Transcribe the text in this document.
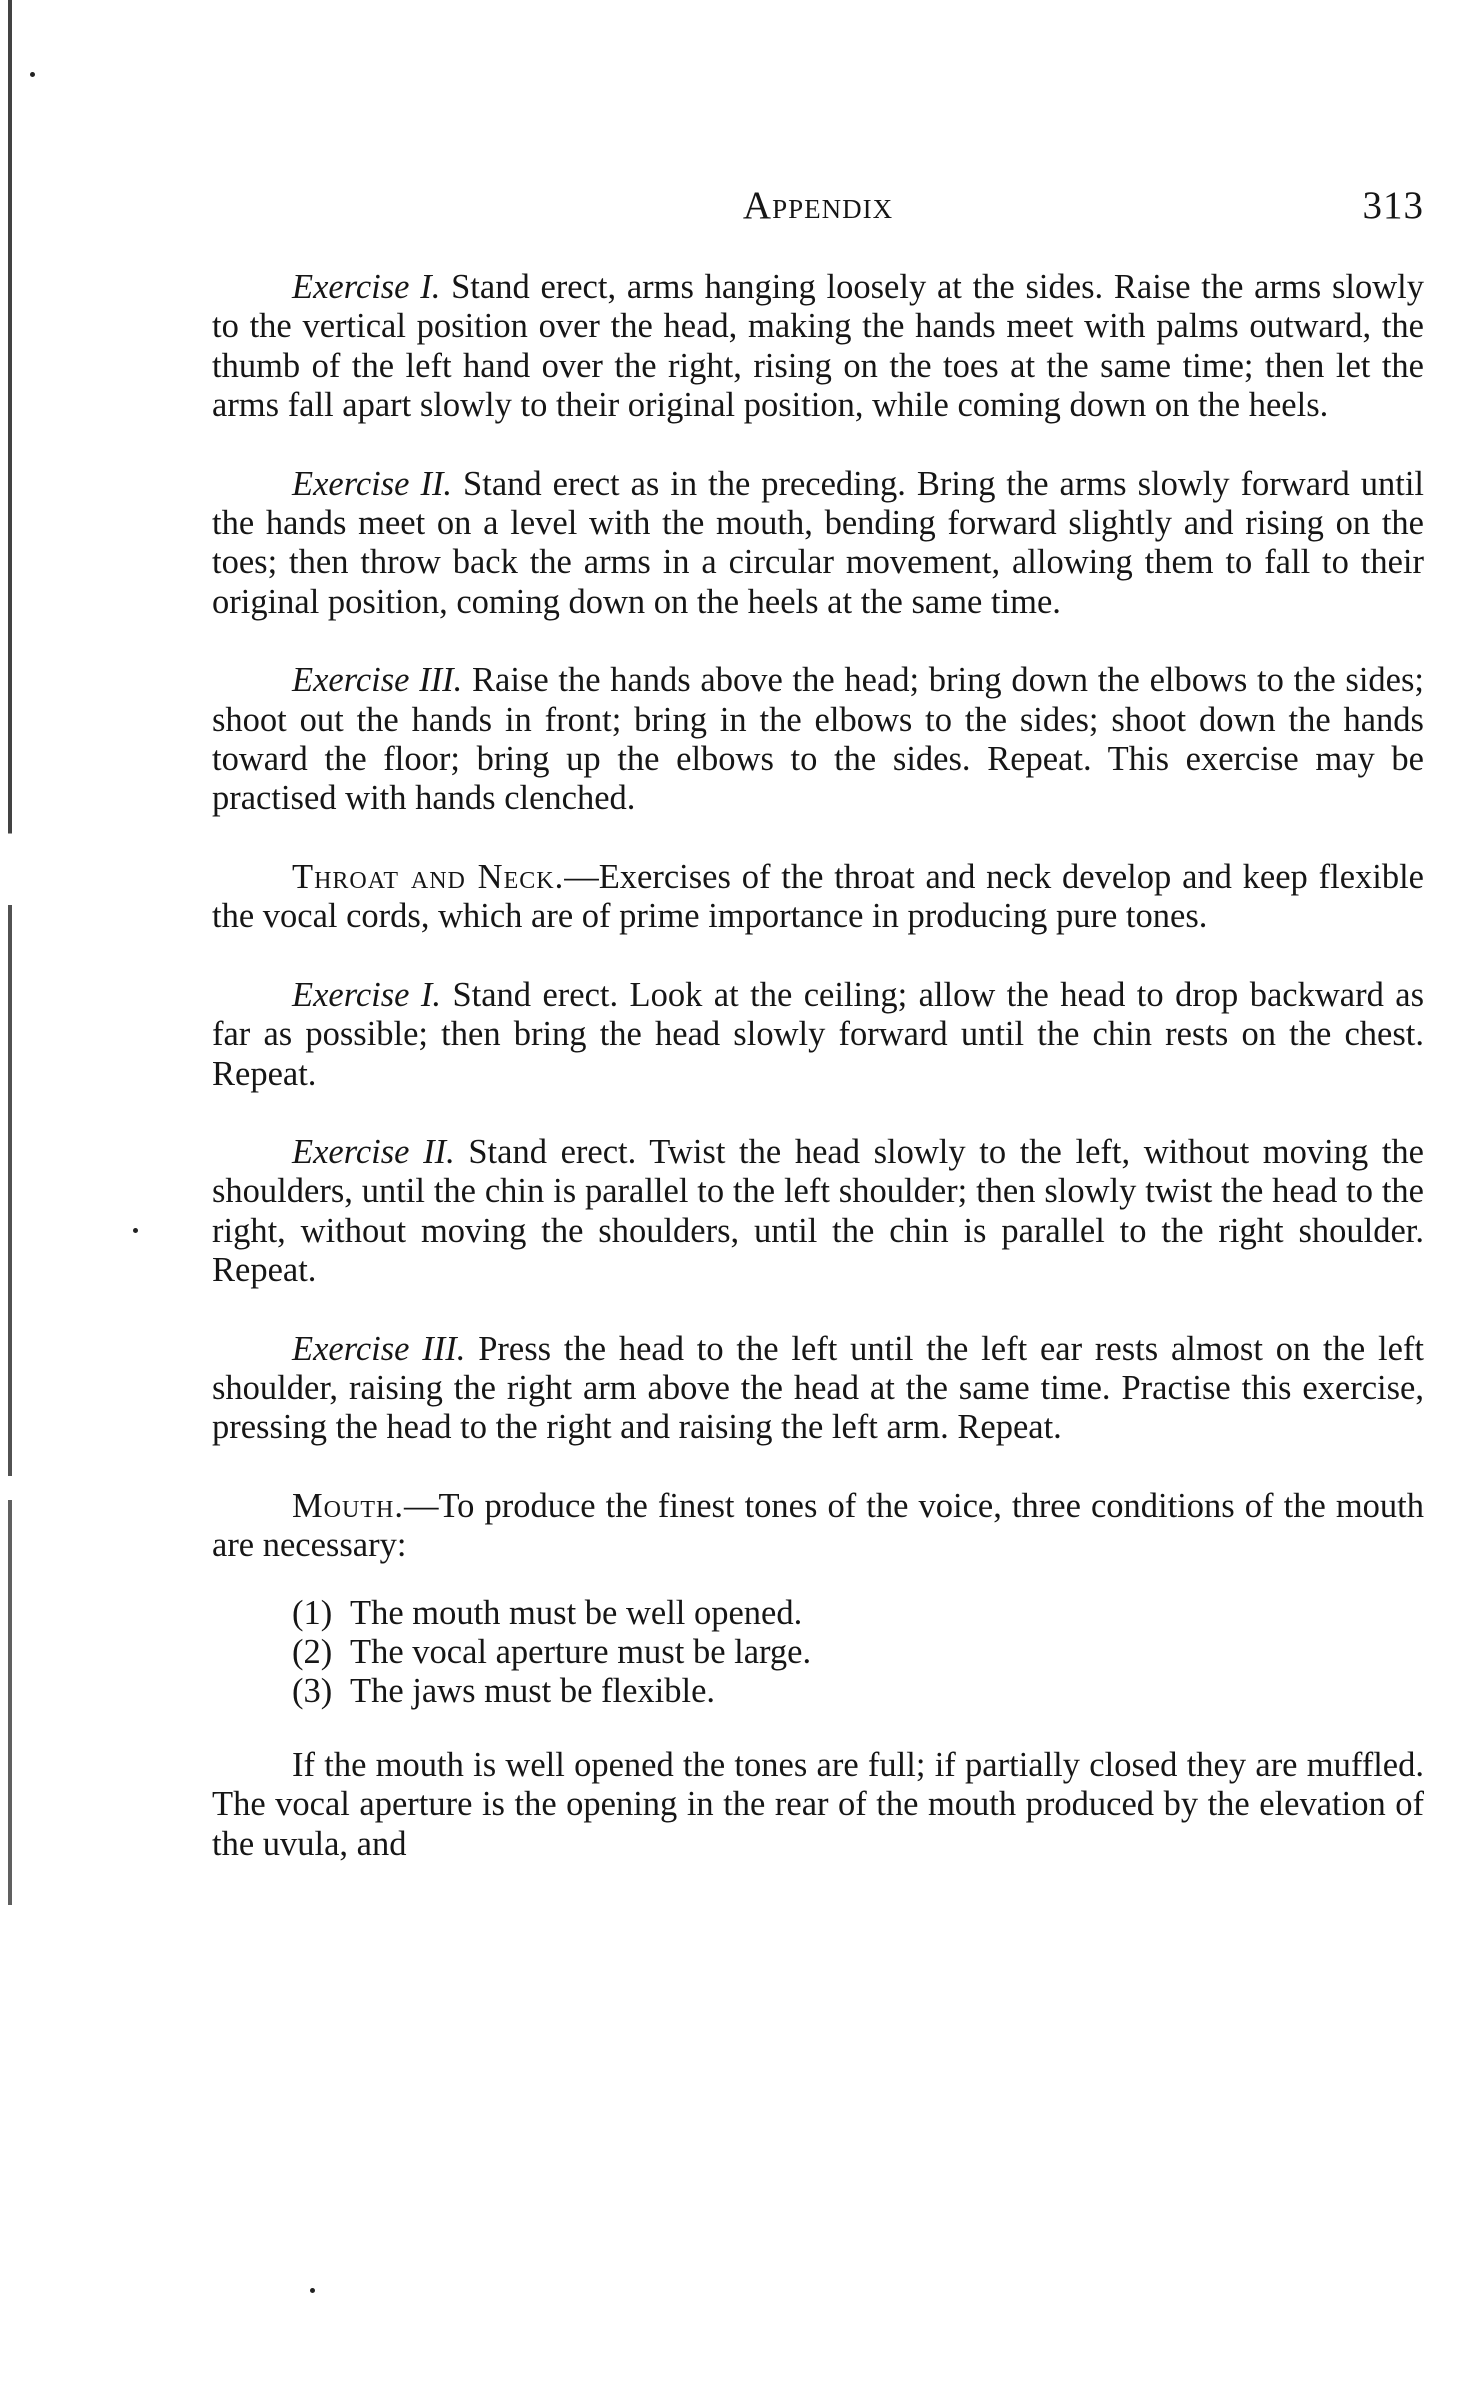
Appendix	313

Exercise I. Stand erect, arms hanging loosely at the sides. Raise the arms slowly to the vertical position over the head, making the hands meet with palms outward, the thumb of the left hand over the right, rising on the toes at the same time; then let the arms fall apart slowly to their original position, while coming down on the heels.

Exercise II. Stand erect as in the preceding. Bring the arms slowly forward until the hands meet on a level with the mouth, bending forward slightly and rising on the toes; then throw back the arms in a circular movement, allowing them to fall to their original position, coming down on the heels at the same time.

Exercise III. Raise the hands above the head; bring down the elbows to the sides; shoot out the hands in front; bring in the elbows to the sides; shoot down the hands toward the floor; bring up the elbows to the sides. Repeat. This exercise may be practised with hands clenched.

Throat and Neck.—Exercises of the throat and neck develop and keep flexible the vocal cords, which are of prime importance in producing pure tones.

Exercise I. Stand erect. Look at the ceiling; allow the head to drop backward as far as possible; then bring the head slowly forward until the chin rests on the chest. Repeat.

Exercise II. Stand erect. Twist the head slowly to the left, without moving the shoulders, until the chin is parallel to the left shoulder; then slowly twist the head to the right, without moving the shoulders, until the chin is parallel to the right shoulder. Repeat.

Exercise III. Press the head to the left until the left ear rests almost on the left shoulder, raising the right arm above the head at the same time. Practise this exercise, pressing the head to the right and raising the left arm. Repeat.

Mouth.—To produce the finest tones of the voice, three conditions of the mouth are necessary:

(1) The mouth must be well opened.
(2) The vocal aperture must be large.
(3) The jaws must be flexible.

If the mouth is well opened the tones are full; if partially closed they are muffled. The vocal aperture is the opening in the rear of the mouth produced by the elevation of the uvula, and
